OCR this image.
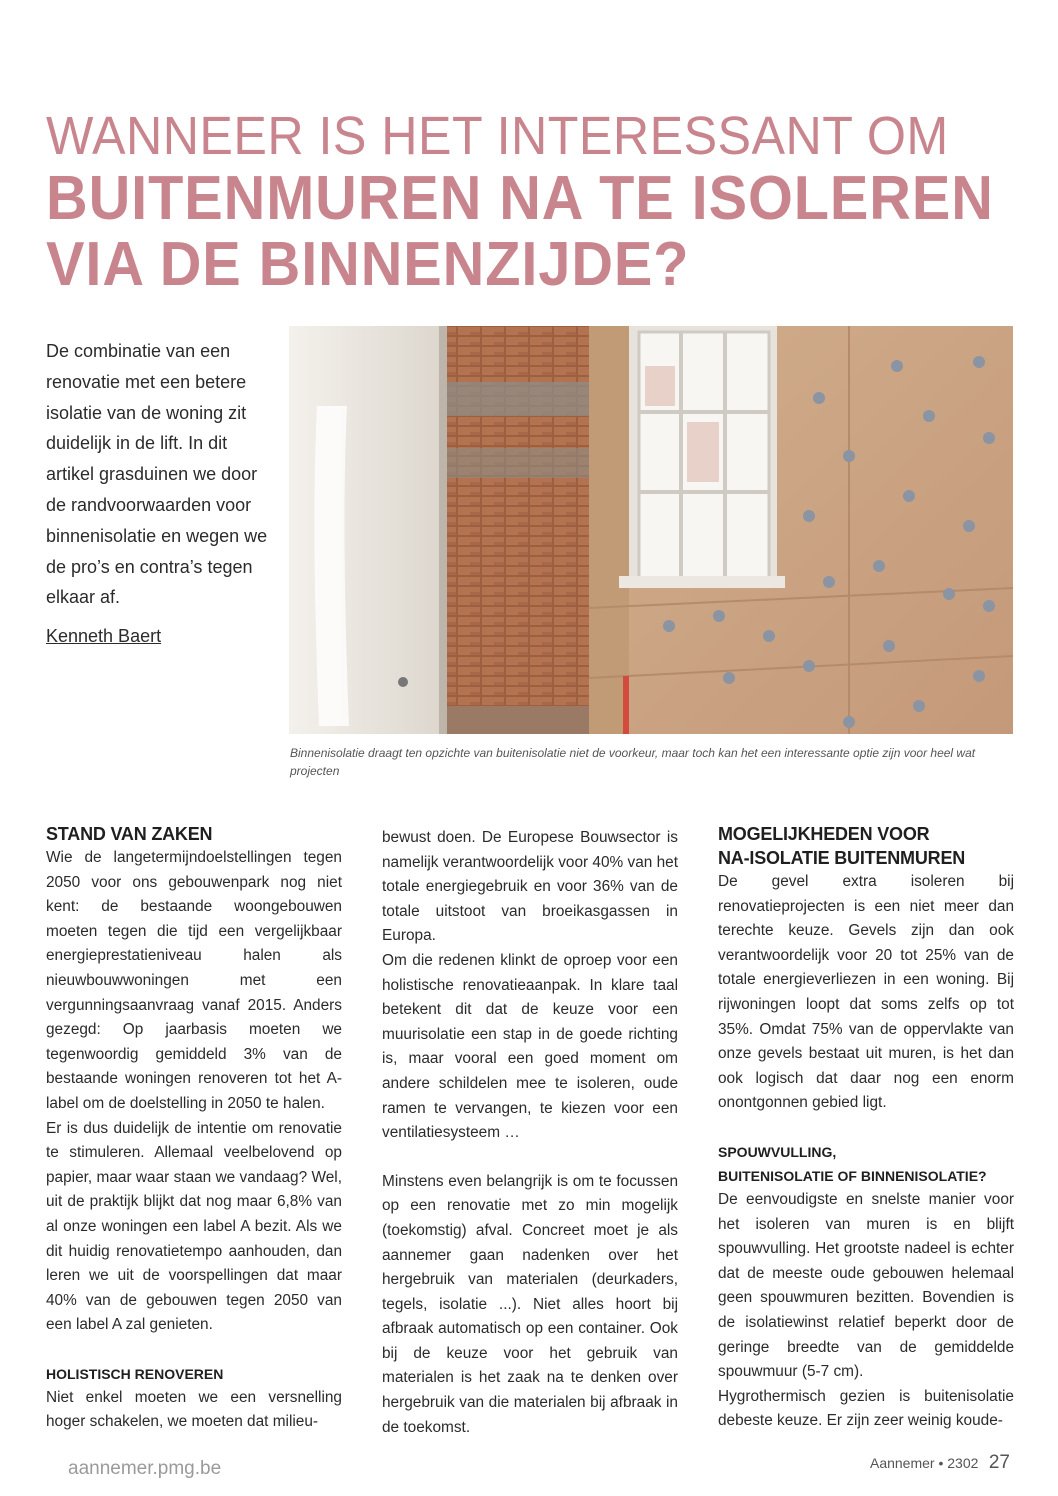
WANNEER IS HET INTERESSANT OM
BUITENMUREN NA TE ISOLEREN
VIA DE BINNENZIJDE?
De combinatie van een renovatie met een betere isolatie van de woning zit duidelijk in de lift. In dit artikel grasduinen we door de randvoorwaarden voor binnenisolatie en wegen we de pro’s en contra’s tegen elkaar af.
Kenneth Baert
Binnenisolatie draagt ten opzichte van buitenisolatie niet de voorkeur, maar toch kan het een interessante optie zijn voor heel wat projecten
STAND VAN ZAKEN

Wie de langetermijndoelstellingen tegen 2050 voor ons gebouwenpark nog niet kent: de bestaande woongebouwen moeten tegen die tijd een vergelijkbaar energieprestatieniveau halen als nieuwbouwwoningen met een vergunningsaanvraag vanaf 2015. Anders gezegd: Op jaarbasis moeten we tegenwoordig gemiddeld 3% van de bestaande woningen renoveren tot het A-label om de doelstelling in 2050 te halen.

Er is dus duidelijk de intentie om renovatie te stimuleren. Allemaal veelbelovend op papier, maar waar staan we vandaag? Wel, uit de praktijk blijkt dat nog maar 6,8% van al onze woningen een label A bezit. Als we dit huidig renovatietempo aanhouden, dan leren we uit de voorspellingen dat maar 40% van de gebouwen tegen 2050 van een label A zal genieten.

HOLISTISCH RENOVEREN

Niet enkel moeten we een versnelling hoger schakelen, we moeten dat milieu-

bewust doen. De Europese Bouwsector is namelijk verantwoordelijk voor 40% van het totale energiegebruik en voor 36% van de totale uitstoot van broeikasgassen in Europa.

Om die redenen klinkt de oproep voor een holistische renovatieaanpak. In klare taal betekent dit dat de keuze voor een muurisolatie een stap in de goede richting is, maar vooral een goed moment om andere schildelen mee te isoleren, oude ramen te vervangen, te kiezen voor een ventilatiesysteem …

Minstens even belangrijk is om te focussen op een renovatie met zo min mogelijk (toekomstig) afval. Concreet moet je als aannemer gaan nadenken over het hergebruik van materialen (deurkaders, tegels, isolatie ...). Niet alles hoort bij afbraak automatisch op een container. Ook bij de keuze voor het gebruik van materialen is het zaak na te denken over hergebruik van die materialen bij afbraak in de toekomst.

MOGELIJKHEDEN VOOR
NA-ISOLATIE BUITENMUREN

De gevel extra isoleren bij renovatieprojecten is een niet meer dan terechte keuze. Gevels zijn dan ook verantwoordelijk voor 20 tot 25% van de totale energieverliezen in een woning. Bij rijwoningen loopt dat soms zelfs op tot 35%. Omdat 75% van de oppervlakte van onze gevels bestaat uit muren, is het dan ook logisch dat daar nog een enorm onontgonnen gebied ligt.

SPOUWVULLING,
BUITENISOLATIE OF BINNENISOLATIE?

De eenvoudigste en snelste manier voor het isoleren van muren is en blijft spouwvulling. Het grootste nadeel is echter dat de meeste oude gebouwen helemaal geen spouwmuren bezitten. Bovendien is de isolatiewinst relatief beperkt door de geringe breedte van de gemiddelde spouwmuur (5-7 cm).

Hygrothermisch gezien is buitenisolatie debeste keuze. Er zijn zeer weinig koude-

aannemer.pmg.be	Aannemer • 2302 27
